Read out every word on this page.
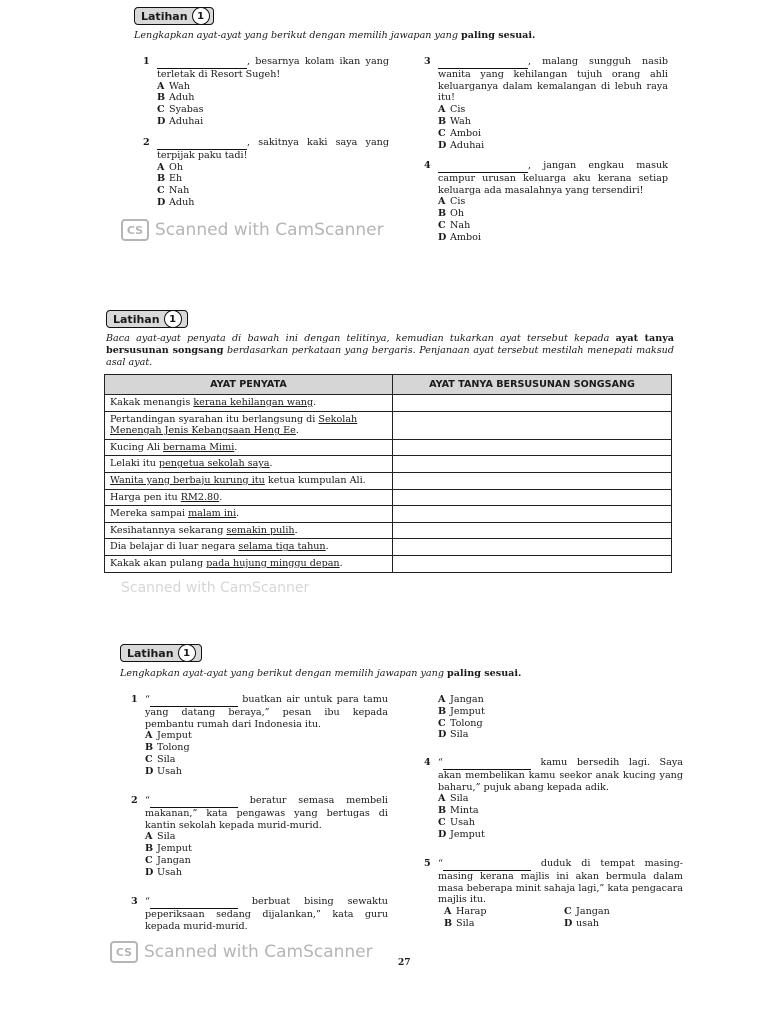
Latihan 1
Lengkapkan ayat-ayat yang berikut dengan memilih jawapan yang paling sesuai.
1	, besarnya kolam ikan yang terletak di Resort Sugeh!
A Wah
B Aduh
C Syabas
D Aduhai
2	, sakitnya kaki saya yang terpijak paku tadi!
A Oh
B Eh
C Nah
D Aduh
3	, malang sungguh nasib wanita yang kehilangan tujuh orang ahli keluarganya dalam kemalangan di lebuh raya itu!
A Cis
B Wah
C Amboi
D Aduhai
4	, jangan engkau masuk campur urusan keluarga aku kerana setiap keluarga ada masalahnya yang tersendiri!
A Cis
B Oh
C Nah
D Amboi
CS Scanned with CamScanner
Latihan 1
Baca ayat-ayat penyata di bawah ini dengan telitinya, kemudian tukarkan ayat tersebut kepada ayat tanya bersusunan songsang berdasarkan perkataan yang bergaris. Penjanaan ayat tersebut mestilah menepati maksud asal ayat.
AYAT PENYATA	AYAT TANYA BERSUSUNAN SONGSANG
Kakak menangis kerana kehilangan wang.	
Pertandingan syarahan itu berlangsung di Sekolah Menengah Jenis Kebangsaan Heng Ee.	
Kucing Ali bernama Mimi.	
Lelaki itu pengetua sekolah saya.	
Wanita yang berbaju kurung itu ketua kumpulan Ali.	
Harga pen itu RM2.80.	
Mereka sampai malam ini.	
Kesihatannya sekarang semakin pulih.	
Dia belajar di luar negara selama tiga tahun.	
Kakak akan pulang pada hujung minggu depan.	
Scanned with CamScanner
Latihan 1
Lengkapkan ayat-ayat yang berikut dengan memilih jawapan yang paling sesuai.
1 “	buatkan air untuk para tamu yang datang beraya,” pesan ibu kepada pembantu rumah dari Indonesia itu.
A Jemput
B Tolong
C Sila
D Usah
2 “	beratur semasa membeli makanan,” kata pengawas yang bertugas di kantin sekolah kepada murid-murid.
A Sila
B Jemput
C Jangan
D Usah
3 “	berbuat bising sewaktu peperiksaan sedang dijalankan,” kata guru kepada murid-murid.
A Jangan
B Jemput
C Tolong
D Sila
4 “	kamu bersedih lagi. Saya akan membelikan kamu seekor anak kucing yang baharu,” pujuk abang kepada adik.
A Sila
B Minta
C Usah
D Jemput
5 “	duduk di tempat masing-masing kerana majlis ini akan bermula dalam masa beberapa minit sahaja lagi,” kata pengacara majlis itu.
A Harap	C Jangan
B Sila	D usah
CS Scanned with CamScanner
27
